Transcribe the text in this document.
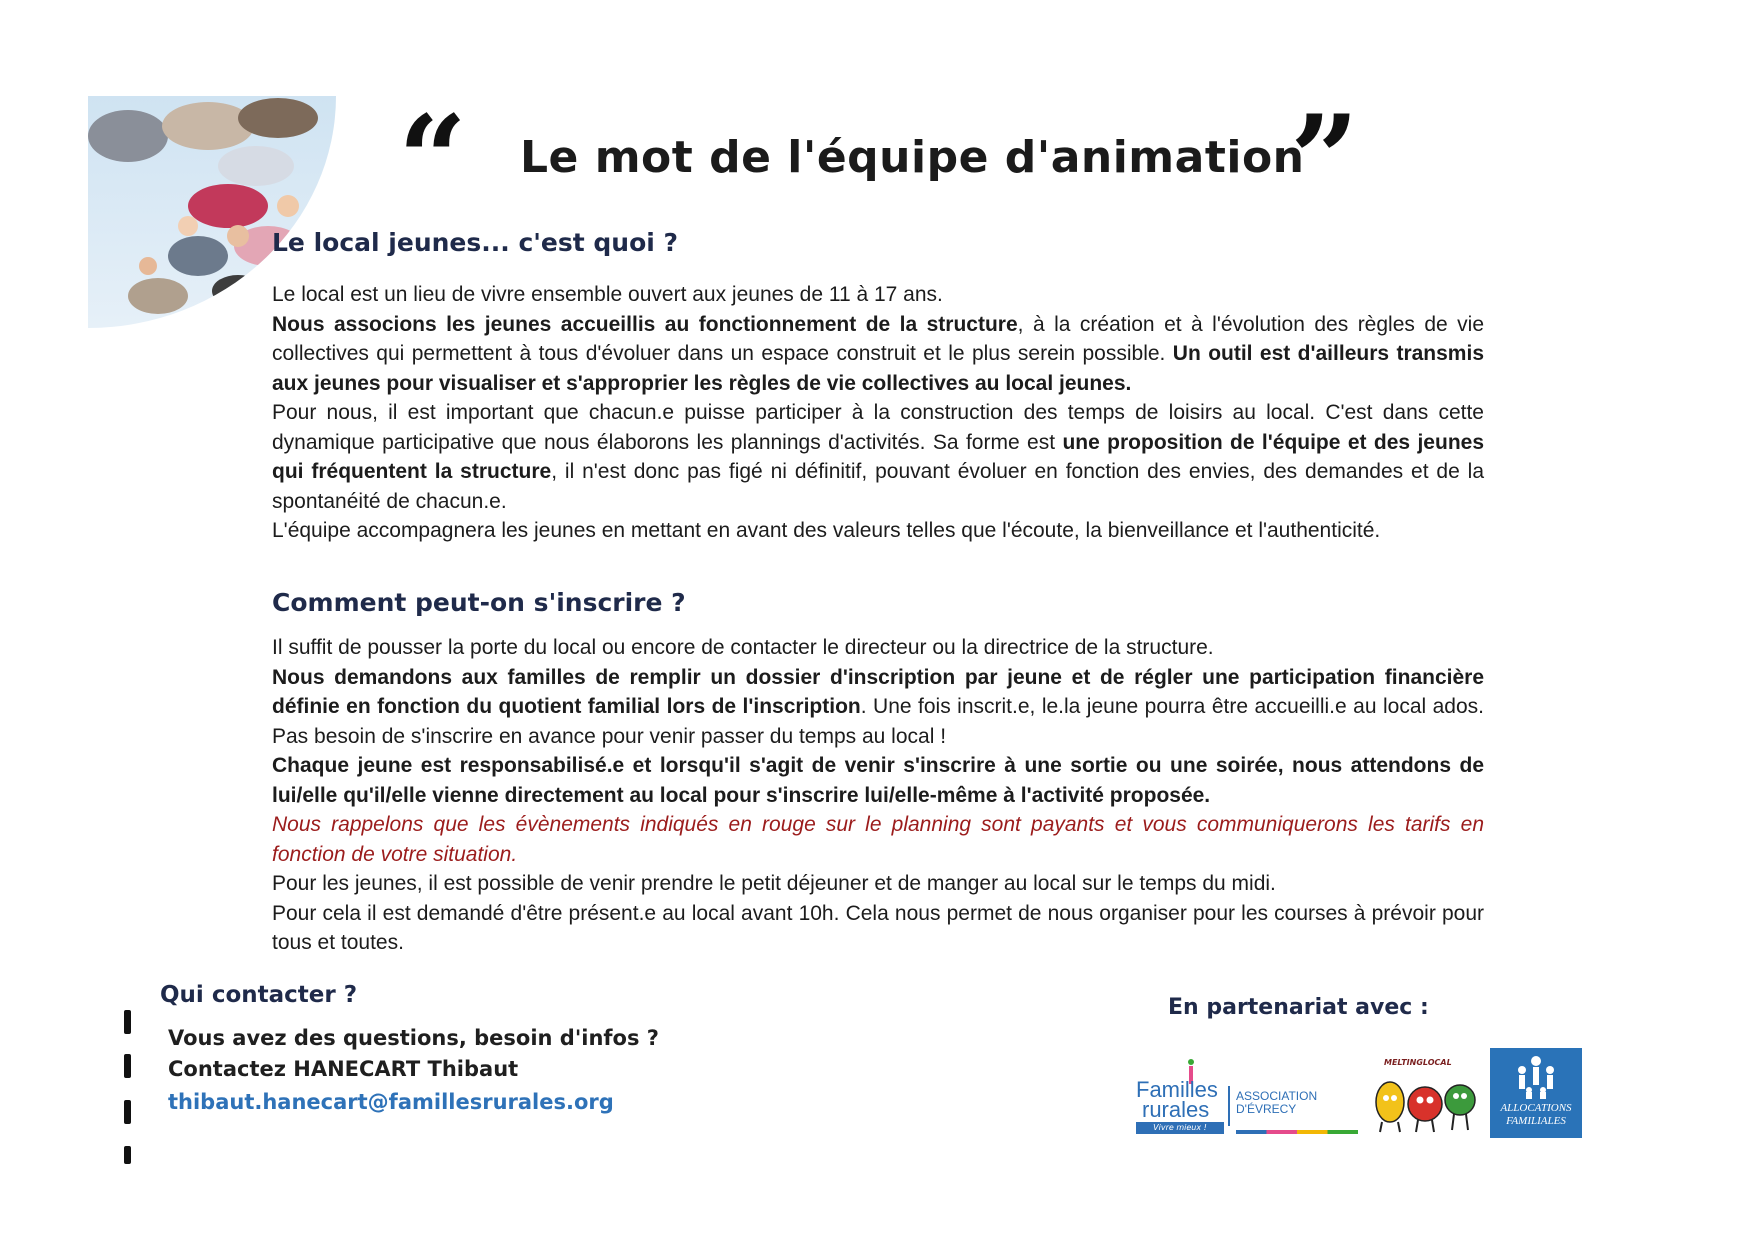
“ Le mot de l'équipe d'animation
”
Le local jeunes... c'est quoi ?

Le local est un lieu de vivre ensemble ouvert aux jeunes de 11 à 17 ans.

Nous associons les jeunes accueillis au fonctionnement de la structure, à la création et à l'évolution des règles de vie collectives qui permettent à tous d'évoluer dans un espace construit et le plus serein possible. Un outil est d'ailleurs transmis aux jeunes pour visualiser et s'approprier les règles de vie collectives au local jeunes.

Pour nous, il est important que chacun.e puisse participer à la construction des temps de loisirs au local. C'est dans cette dynamique participative que nous élaborons les plannings d'activités. Sa forme est une proposition de l'équipe et des jeunes qui fréquentent la structure, il n'est donc pas figé ni définitif, pouvant évoluer en fonction des envies, des demandes et de la spontanéité de chacun.e.

L'équipe accompagnera les jeunes en mettant en avant des valeurs telles que l'écoute, la bienveillance et l'authenticité.

Comment peut-on s'inscrire ?

Il suffit de pousser la porte du local ou encore de contacter le directeur ou la directrice de la structure.

Nous demandons aux familles de remplir un dossier d'inscription par jeune et de régler une participation financière définie en fonction du quotient familial lors de l'inscription. Une fois inscrit.e, le.la jeune pourra être accueilli.e au local ados. Pas besoin de s'inscrire en avance pour venir passer du temps au local !

Chaque jeune est responsabilisé.e et lorsqu'il s'agit de venir s'inscrire à une sortie ou une soirée, nous attendons de lui/elle qu'il/elle vienne directement au local pour s'inscrire lui/elle-même à l'activité proposée.

Nous rappelons que les évènements indiqués en rouge sur le planning sont payants et vous communiquerons les tarifs en fonction de votre situation.

Pour les jeunes, il est possible de venir prendre le petit déjeuner et de manger au local sur le temps du midi.

Pour cela il est demandé d'être présent.e au local avant 10h. Cela nous permet de nous organiser pour les courses à prévoir pour tous et toutes.

Qui contacter ?
Vous avez des questions, besoin d'infos ?
Contactez HANECART Thibaut
thibaut.hanecart@famillesrurales.org
En partenariat avec :
Familles
rurales
Vivre mieux !
ASSOCIATION
D'ÉVRECY
MELTINGLOCAL
ALLOCATIONS
FAMILIALES
